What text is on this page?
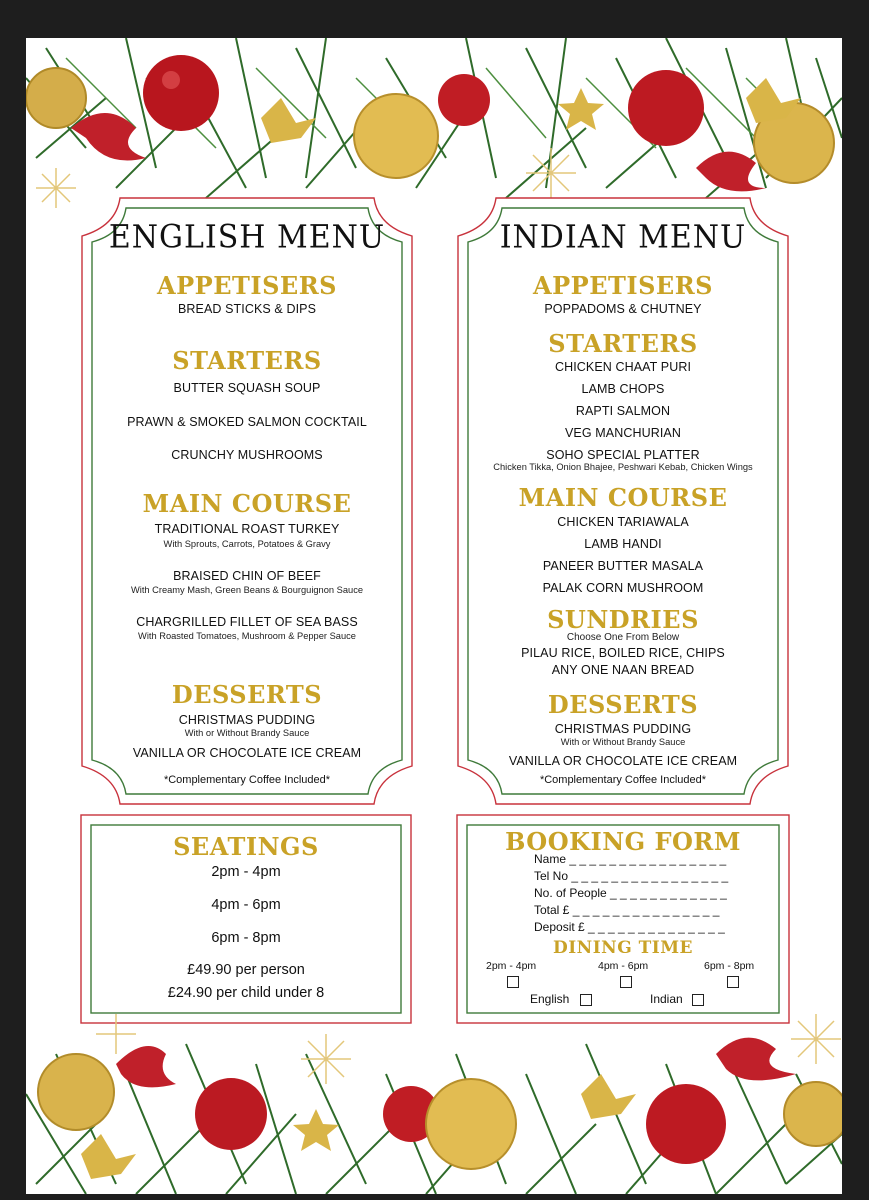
ENGLISH MENU
APPETISERS
BREAD STICKS & DIPS
STARTERS
BUTTER SQUASH SOUP
PRAWN & SMOKED SALMON COCKTAIL
CRUNCHY MUSHROOMS
MAIN COURSE
TRADITIONAL ROAST TURKEY
With Sprouts, Carrots, Potatoes & Gravy
BRAISED CHIN OF BEEF
With Creamy Mash, Green Beans & Bourguignon Sauce
CHARGRILLED FILLET OF SEA BASS
With Roasted Tomatoes, Mushroom & Pepper Sauce
DESSERTS
CHRISTMAS PUDDING
With or Without Brandy Sauce
VANILLA OR CHOCOLATE ICE CREAM
*Complementary Coffee Included*
INDIAN MENU
APPETISERS
POPPADOMS & CHUTNEY
STARTERS
CHICKEN CHAAT PURI
LAMB CHOPS
RAPTI SALMON
VEG MANCHURIAN
SOHO SPECIAL PLATTER
Chicken Tikka, Onion Bhajee, Peshwari Kebab, Chicken Wings
MAIN COURSE
CHICKEN TARIAWALA
LAMB HANDI
PANEER BUTTER MASALA
PALAK CORN MUSHROOM
SUNDRIES
Choose One From Below
PILAU RICE, BOILED RICE, CHIPS
ANY ONE NAAN BREAD
DESSERTS
CHRISTMAS PUDDING
With or Without Brandy Sauce
VANILLA OR CHOCOLATE ICE CREAM
*Complementary Coffee Included*
SEATINGS
2pm - 4pm
4pm - 6pm
6pm - 8pm
£49.90 per person
£24.90 per child under 8
BOOKING FORM
Name _ _ _ _ _ _ _ _ _ _ _ _ _ _ _ _
Tel No _ _ _ _ _ _ _ _ _ _ _ _ _ _ _ _
No. of People _ _ _ _ _ _ _ _ _ _ _ _
Total £ _ _ _ _ _ _ _ _ _ _ _ _ _ _ _
Deposit £ _ _ _ _ _ _ _ _ _ _ _ _ _ _
DINING TIME
2pm - 4pm	4pm - 6pm	6pm - 8pm
English	Indian
